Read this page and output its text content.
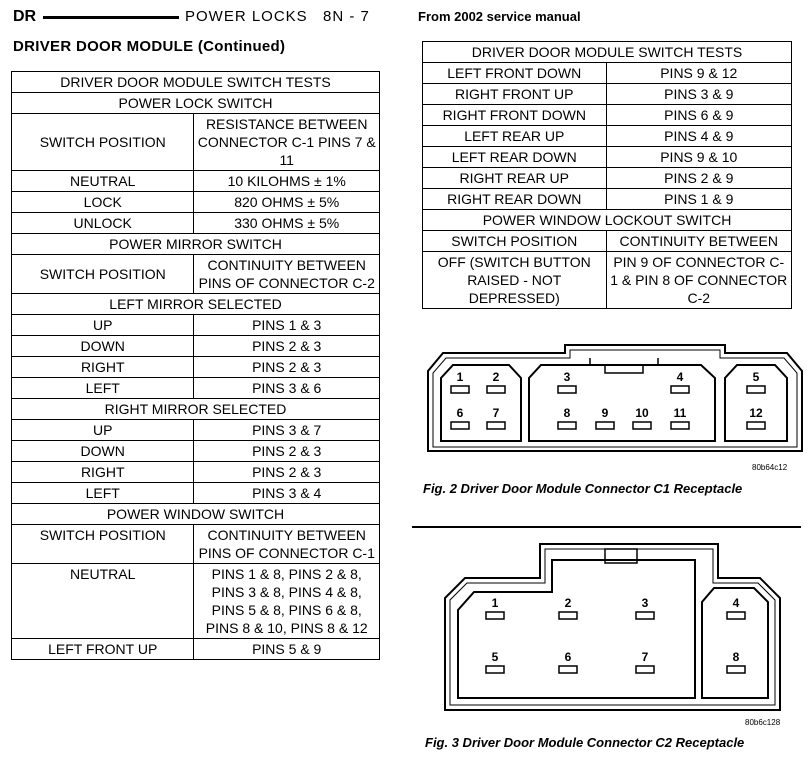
DR	POWER LOCKS 8N - 7	From 2002 service manual
DRIVER DOOR MODULE (Continued)
DRIVER DOOR MODULE SWITCH TESTS	
POWER LOCK SWITCH	
SWITCH POSITION	RESISTANCE BETWEEN CONNECTOR C-1 PINS 7 & 11
NEUTRAL	10 KILOHMS ± 1%
LOCK	820 OHMS ± 5%
UNLOCK	330 OHMS ± 5%
POWER MIRROR SWITCH	
SWITCH POSITION	CONTINUITY BETWEEN PINS OF CONNECTOR C-2
LEFT MIRROR SELECTED	
UP	PINS 1 & 3
DOWN	PINS 2 & 3
RIGHT	PINS 2 & 3
LEFT	PINS 3 & 6
RIGHT MIRROR SELECTED	
UP	PINS 3 & 7
DOWN	PINS 2 & 3
RIGHT	PINS 2 & 3
LEFT	PINS 3 & 4
POWER WINDOW SWITCH	
SWITCH POSITION	CONTINUITY BETWEEN PINS OF CONNECTOR C-1
NEUTRAL	PINS 1 & 8, PINS 2 & 8, PINS 3 & 8, PINS 4 & 8, PINS 5 & 8, PINS 6 & 8, PINS 8 & 10, PINS 8 & 12
LEFT FRONT UP	PINS 5 & 9
DRIVER DOOR MODULE SWITCH TESTS	
LEFT FRONT DOWN	PINS 9 & 12
RIGHT FRONT UP	PINS 3 & 9
RIGHT FRONT DOWN	PINS 6 & 9
LEFT REAR UP	PINS 4 & 9
LEFT REAR DOWN	PINS 9 & 10
RIGHT REAR UP	PINS 2 & 9
RIGHT REAR DOWN	PINS 1 & 9
POWER WINDOW LOCKOUT SWITCH	
SWITCH POSITION	CONTINUITY BETWEEN
OFF (SWITCH BUTTON RAISED - NOT DEPRESSED)	PIN 9 OF CONNECTOR C-1 & PIN 8 OF CONNECTOR C-2
1 2	3	4	5
6 7	8	9 10 11	12
80b64c12
Fig. 2 Driver Door Module Connector C1 Receptacle
1	2	3	4
5	6	7	8
80b6c128
Fig. 3 Driver Door Module Connector C2 Receptacle
